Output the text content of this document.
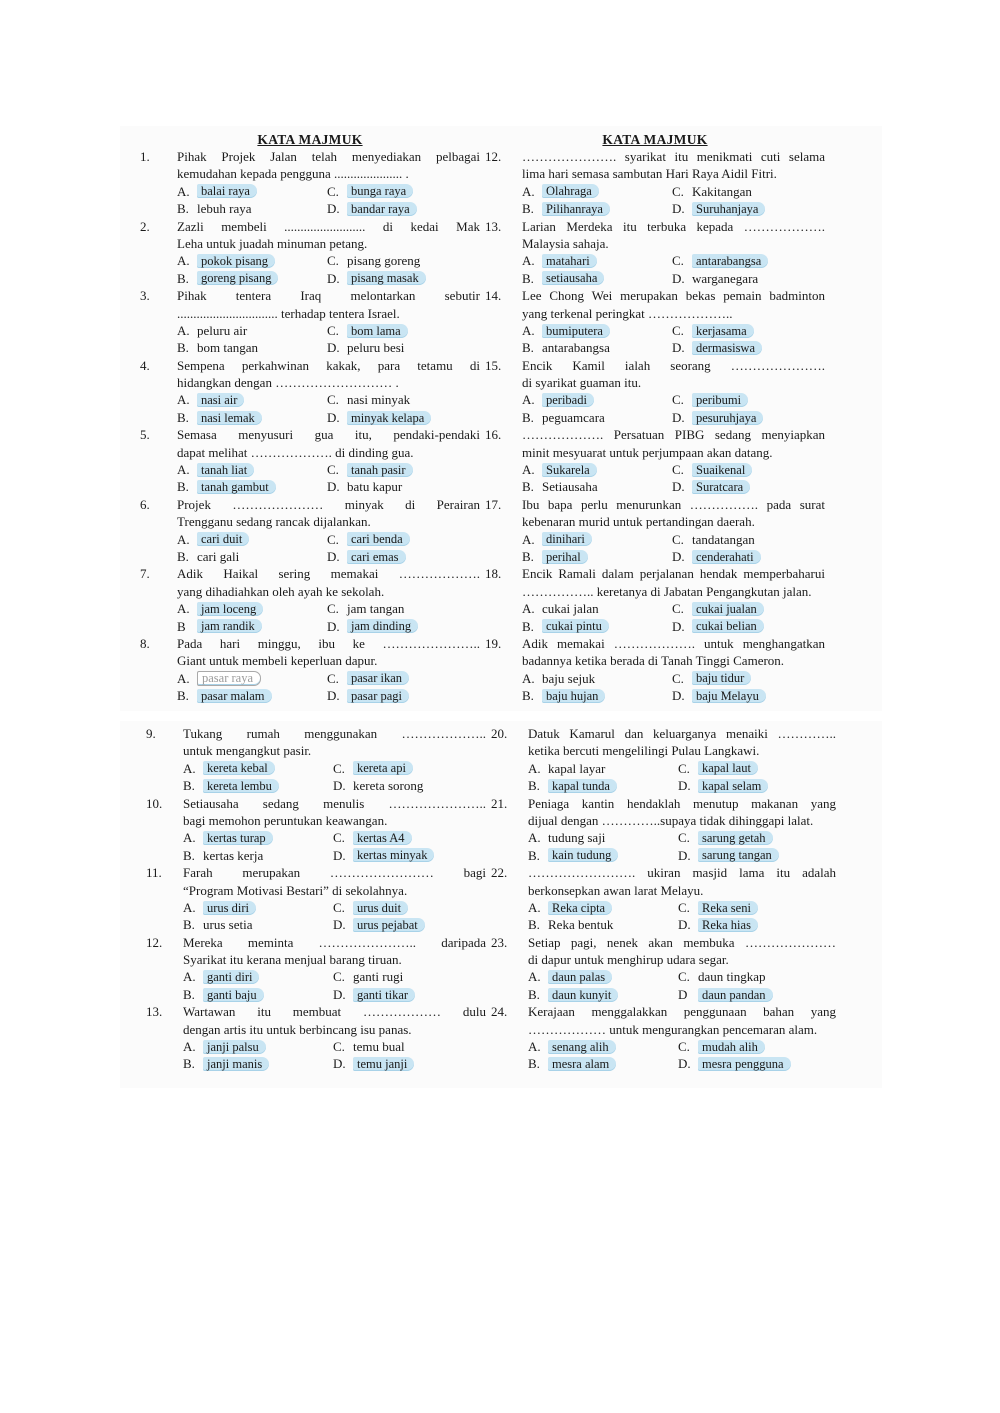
KATA MAJMUK
1.	Pihak Projek Jalan telah menyediakan pelbagai
kemudahan kepada pengguna ..................... .
A. balai raya	C. bunga raya
B. lebuh raya	D. bandar raya
2.	Zazli membeli ......................... di kedai Mak
Leha untuk juadah minuman petang.
A. pokok pisang	C. pisang goreng
B. goreng pisang	D. pisang masak
3.	Pihak tentera Iraq melontarkan sebutir
............................... terhadap tentera Israel.
A. peluru air	C. bom lama
B. bom tangan	D. peluru besi
4.	Sempena perkahwinan kakak, para tetamu di
hidangkan dengan ……………………… .
A. nasi air	C. nasi minyak
B. nasi lemak	D. minyak kelapa
5.	Semasa menyusuri gua itu, pendaki-pendaki
dapat melihat ………………. di dinding gua.
A. tanah liat	C. tanah pasir
B. tanah gambut	D. batu kapur
6.	Projek ………………… minyak di Perairan
Trengganu sedang rancak dijalankan.
A. cari duit	C. cari benda
B. cari gali	D. cari emas
7.	Adik Haikal sering memakai ……………….
yang dihadiahkan oleh ayah ke sekolah.
A. jam loceng	C. jam tangan
B	jam randik	D. jam dinding
8.	Pada hari minggu, ibu ke …………………..
Giant untuk membeli keperluan dapur.
A. pasar raya	C. pasar ikan
B. pasar malam	D. pasar pagi
KATA MAJMUK
12.	…………………. syarikat itu menikmati cuti selama
lima hari semasa sambutan Hari Raya Aidil Fitri.
A. Olahraga	C. Kakitangan
B. Pilihanraya	D. Suruhanjaya
13.	Larian Merdeka itu terbuka kepada ……………….
Malaysia sahaja.
A. matahari	C. antarabangsa
B. setiausaha	D. warganegara
14.	Lee Chong Wei merupakan bekas pemain badminton
yang terkenal peringkat ………………..
A. bumiputera	C. kerjasama
B. antarabangsa	D. dermasiswa
15.	Encik Kamil ialah seorang ………………….
di syarikat guaman itu.
A. peribadi	C. peribumi
B. peguamcara	D. pesuruhjaya
16.	………………. Persatuan PIBG sedang menyiapkan
minit mesyuarat untuk perjumpaan akan datang.
A. Sukarela	C. Suaikenal
B. Setiausaha	D. Suratcara
17.	Ibu bapa perlu menurunkan ……………. pada surat
kebenaran murid untuk pertandingan daerah.
A. dinihari	C. tandatangan
B. perihal	D. cenderahati
18.	Encik Ramali dalam perjalanan hendak memperbaharui
…………….. keretanya di Jabatan Pengangkutan jalan.
A. cukai jalan	C. cukai jualan
B. cukai pintu	D. cukai belian
19.	Adik memakai ………………. untuk menghangatkan
badannya ketika berada di Tanah Tinggi Cameron.
A. baju sejuk	C. baju tidur
B. baju hujan	D. baju Melayu
9.	Tukang rumah menggunakan ………………..
untuk mengangkut pasir.
A. kereta kebal	C. kereta api
B. kereta lembu	D. kereta sorong
10.	Setiausaha sedang menulis …………………..
bagi memohon peruntukan keawangan.
A. kertas turap	C. kertas A4
B. kertas kerja	D. kertas minyak
11.	Farah merupakan …………………… bagi
“Program Motivasi Bestari” di sekolahnya.
A. urus diri	C. urus duit
B. urus setia	D. urus pejabat
12.	Mereka meminta ………………….. daripada
Syarikat itu kerana menjual barang tiruan.
A. ganti diri	C. ganti rugi
B. ganti baju	D. ganti tikar
13.	Wartawan itu membuat ……………… dulu
dengan artis itu untuk berbincang isu panas.
A. janji palsu	C. temu bual
B. janji manis	D. temu janji
20.	Datuk Kamarul dan keluarganya menaiki …………..
ketika bercuti mengelilingi Pulau Langkawi.
A. kapal layar	C. kapal laut
B. kapal tunda	D. kapal selam
21.	Peniaga kantin hendaklah menutup makanan yang
dijual dengan …………..supaya tidak dihinggapi lalat.
A. tudung saji	C. sarung getah
B. kain tudung	D. sarung tangan
22.	……………………. ukiran masjid lama itu adalah
berkonsepkan awan larat Melayu.
A. Reka cipta	C. Reka seni
B. Reka bentuk	D. Reka hias
23.	Setiap pagi, nenek akan membuka …………………
di dapur untuk menghirup udara segar.
A. daun palas	C. daun tingkap
B. daun kunyit	D	daun pandan
24.	Kerajaan menggalakkan penggunaan bahan yang
……………… untuk mengurangkan pencemaran alam.
A. senang alih	C. mudah alih
B. mesra alam	D. mesra pengguna
